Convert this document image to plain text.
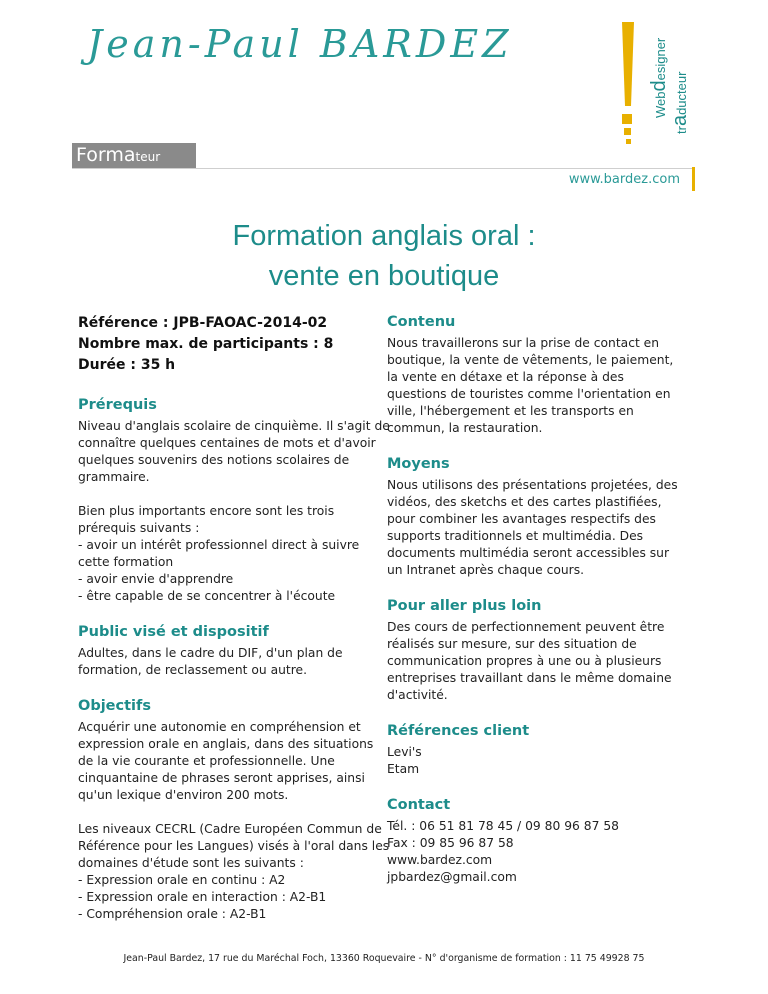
Jean-Paul BARDEZ
Webdesigner
traducteur
Formateur
www.bardez.com
Formation anglais oral :
vente en boutique

Référence : JPB-FAOAC-2014-02

Nombre max. de participants : 8

Durée : 35 h

Prérequis

Niveau d'anglais scolaire de cinquième. Il s'agit de connaître quelques centaines de mots et d'avoir quelques souvenirs des notions scolaires de grammaire.

Bien plus importants encore sont les trois prérequis suivants :
- avoir un intérêt professionnel direct à suivre cette formation
- avoir envie d'apprendre
- être capable de se concentrer à l'écoute

Public visé et dispositif

Adultes, dans le cadre du DIF, d'un plan de formation, de reclassement ou autre.

Objectifs

Acquérir une autonomie en compréhension et expression orale en anglais, dans des situations de la vie courante et professionnelle. Une cinquantaine de phrases seront apprises, ainsi qu'un lexique d'environ 200 mots.

Les niveaux CECRL (Cadre Européen Commun de Référence pour les Langues) visés à l'oral dans les domaines d'étude sont les suivants :
- Expression orale en continu : A2
- Expression orale en interaction : A2-B1
- Compréhension orale : A2-B1

Contenu

Nous travaillerons sur la prise de contact en boutique, la vente de vêtements, le paiement, la vente en détaxe et la réponse à des questions de touristes comme l'orientation en ville, l'hébergement et les transports en commun, la restauration.

Moyens

Nous utilisons des présentations projetées, des vidéos, des sketchs et des cartes plastifiées, pour combiner les avantages respectifs des supports traditionnels et multimédia. Des documents multimédia seront accessibles sur un Intranet après chaque cours.

Pour aller plus loin

Des cours de perfectionnement peuvent être réalisés sur mesure, sur des situation de communication propres à une ou à plusieurs entreprises travaillant dans le même domaine d'activité.

Références client

Levi's
Etam

Contact

Tél. : 06 51 81 78 45 / 09 80 96 87 58
Fax : 09 85 96 87 58
www.bardez.com
jpbardez@gmail.com

Jean-Paul Bardez, 17 rue du Maréchal Foch, 13360 Roquevaire - N° d'organisme de formation : 11 75 49928 75
